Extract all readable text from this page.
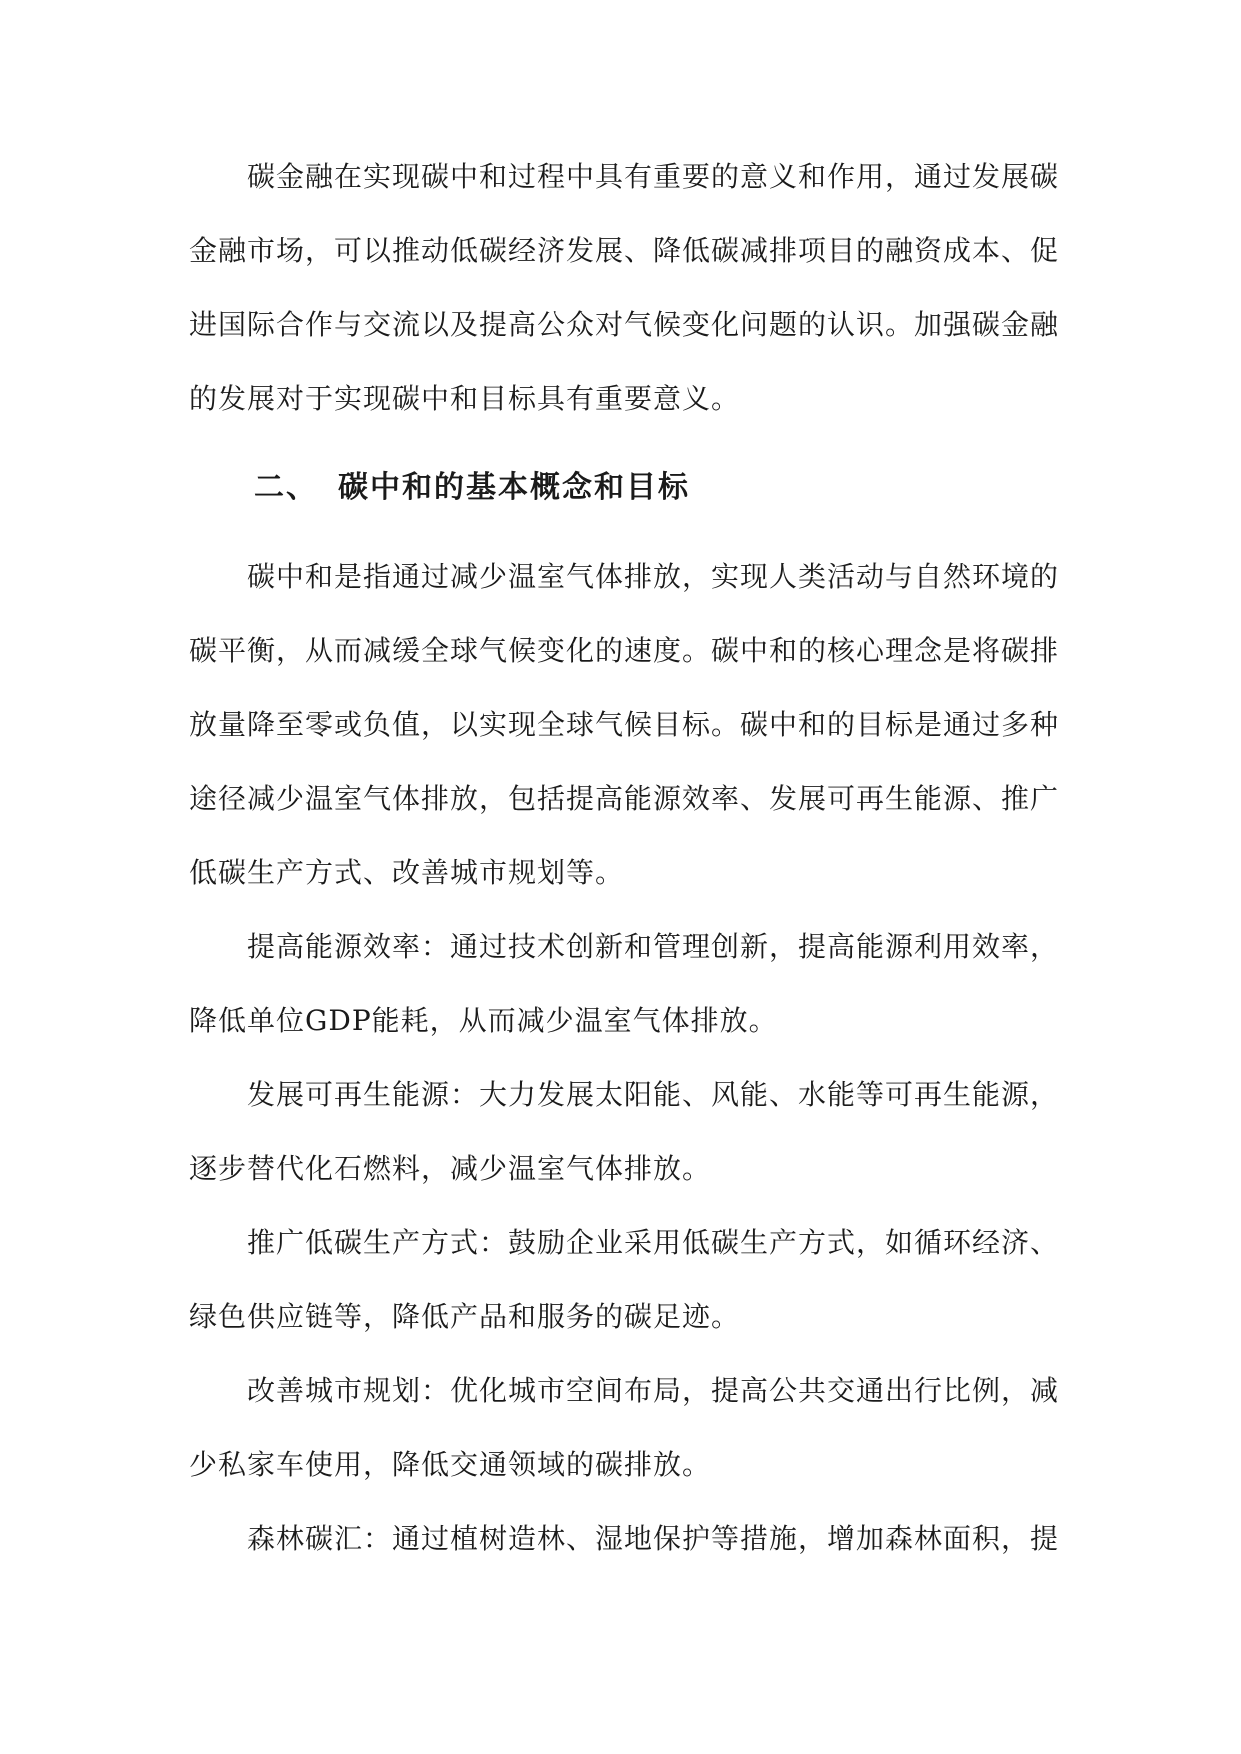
碳金融在实现碳中和过程中具有重要的意义和作用，通过发展碳金融市场，可以推动低碳经济发展、降低碳减排项目的融资成本、促进国际合作与交流以及提高公众对气候变化问题的认识。加强碳金融的发展对于实现碳中和目标具有重要意义。

二、 碳中和的基本概念和目标

碳中和是指通过减少温室气体排放，实现人类活动与自然环境的碳平衡，从而减缓全球气候变化的速度。碳中和的核心理念是将碳排放量降至零或负值，以实现全球气候目标。碳中和的目标是通过多种途径减少温室气体排放，包括提高能源效率、发展可再生能源、推广低碳生产方式、改善城市规划等。

提高能源效率：通过技术创新和管理创新，提高能源利用效率，降低单位GDP能耗，从而减少温室气体排放。

发展可再生能源：大力发展太阳能、风能、水能等可再生能源，逐步替代化石燃料，减少温室气体排放。

推广低碳生产方式：鼓励企业采用低碳生产方式，如循环经济、绿色供应链等，降低产品和服务的碳足迹。

改善城市规划：优化城市空间布局，提高公共交通出行比例，减少私家车使用，降低交通领域的碳排放。

森林碳汇：通过植树造林、湿地保护等措施，增加森林面积，提
